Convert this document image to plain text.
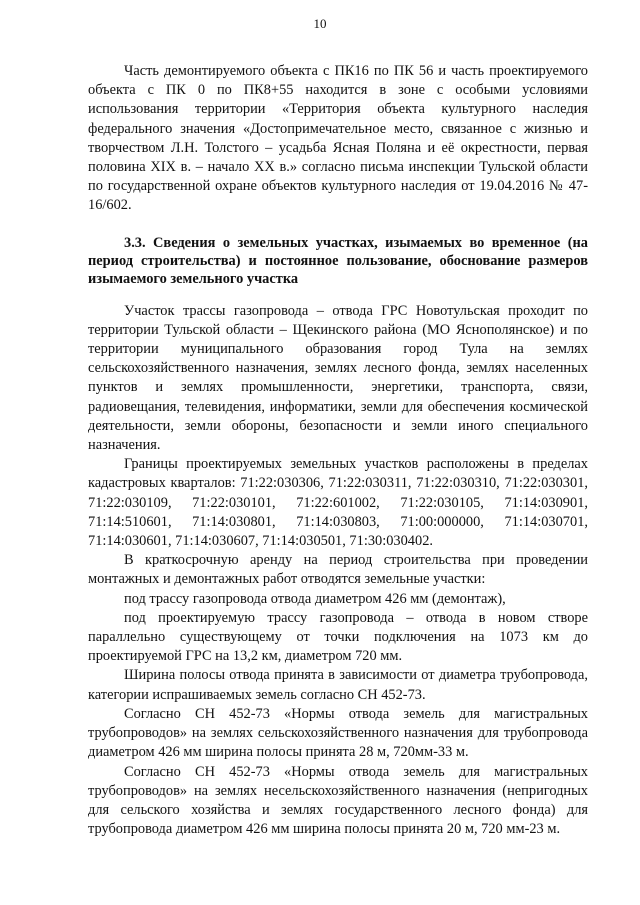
10

Часть демонтируемого объекта с ПК16 по ПК 56 и часть проектируемого объекта с ПК 0 по ПК8+55 находится в зоне с особыми условиями использования территории «Территория объекта культурного наследия федерального значения «Достопримечательное место, связанное с жизнью и творчеством Л.Н. Толстого – усадьба Ясная Поляна и её окрестности, первая половина XIX в. – начало XX в.» согласно письма инспекции Тульской области по государственной охране объектов культурного наследия от 19.04.2016 № 47-16/602.

3.3. Сведения о земельных участках, изымаемых во временное (на период строительства) и постоянное пользование, обоснование размеров изымаемого земельного участка

Участок трассы газопровода – отвода ГРС Новотульская проходит по территории Тульской области – Щекинского района (МО Яснополянское) и по территории муниципального образования город Тула на землях сельскохозяйственного назначения, землях лесного фонда, землях населенных пунктов и землях промышленности, энергетики, транспорта, связи, радиовещания, телевидения, информатики, земли для обеспечения космической деятельности, земли обороны, безопасности и земли иного специального назначения.

Границы проектируемых земельных участков расположены в пределах кадастровых кварталов: 71:22:030306, 71:22:030311, 71:22:030310, 71:22:030301, 71:22:030109, 71:22:030101, 71:22:601002, 71:22:030105, 71:14:030901, 71:14:510601, 71:14:030801, 71:14:030803, 71:00:000000, 71:14:030701, 71:14:030601, 71:14:030607, 71:14:030501, 71:30:030402.

В краткосрочную аренду на период строительства при проведении монтажных и демонтажных работ отводятся земельные участки:

под трассу газопровода отвода диаметром 426 мм (демонтаж),

под проектируемую трассу газопровода – отвода в новом створе параллельно существующему от точки подключения на 1073 км до проектируемой ГРС на 13,2 км, диаметром 720 мм.

Ширина полосы отвода принята в зависимости от диаметра трубопровода, категории испрашиваемых земель согласно СН 452-73.

Согласно СН 452-73 «Нормы отвода земель для магистральных трубопроводов» на землях сельскохозяйственного назначения для трубопровода диаметром 426 мм ширина полосы принята 28 м, 720мм-33 м.

Согласно СН 452-73 «Нормы отвода земель для магистральных трубопроводов» на землях несельскохозяйственного назначения (непригодных для сельского хозяйства и землях государственного лесного фонда) для трубопровода диаметром 426 мм ширина полосы принята 20 м, 720 мм-23 м.
